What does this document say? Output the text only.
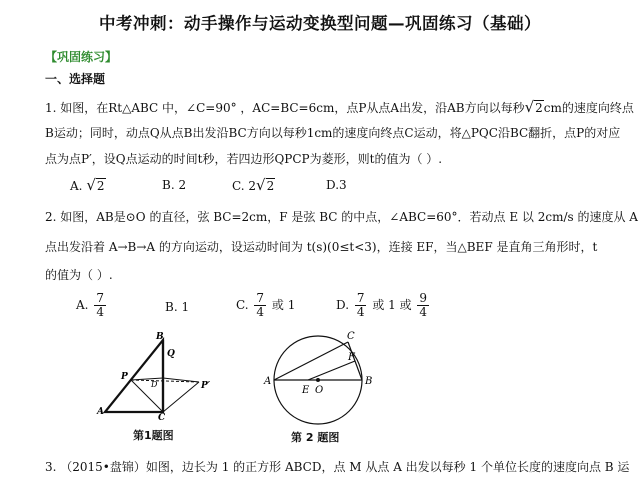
中考冲刺：动手操作与运动变换型问题—巩固练习（基础）
【巩固练习】
一、选择题
1. 如图，在Rt△ABC 中，∠C=90° ，AC=BC=6cm，点P从点A出发，沿AB方向以每秒√2cm的速度向终点
B运动；同时，动点Q从点B出发沿BC方向以每秒1cm的速度向终点C运动，将△PQC沿BC翻折，点P的对应
点为点P′，设Q点运动的时间t秒，若四边形QPCP为菱形，则t的值为（ ）.
A. √2	B. 2	C. 2√2	D.3
2. 如图，AB是⊙O 的直径，弦 BC=2cm，F 是弦 BC 的中点，∠ABC=60°．若动点 E 以 2cm/s 的速度从 A
点出发沿着 A→B→A 的方向运动，设运动时间为 t(s)(0≤t<3)，连接 EF，当△BEF 是直角三角形时，t
的值为（ ）.
A. $\frac{7}{4}$	B. 1	C. $\frac{7}{4}$ 或 1	D. $\frac{7}{4}$ 或 1 或 $\frac{9}{4}$
A
B
C
P
Q
D	P′
第1题图
A	B
C
E O
F
第 2 题图
3. （2015•盘锦）如图，边长为 1 的正方形 ABCD，点 M 从点 A 出发以每秒 1 个单位长度的速度向点 B 运
